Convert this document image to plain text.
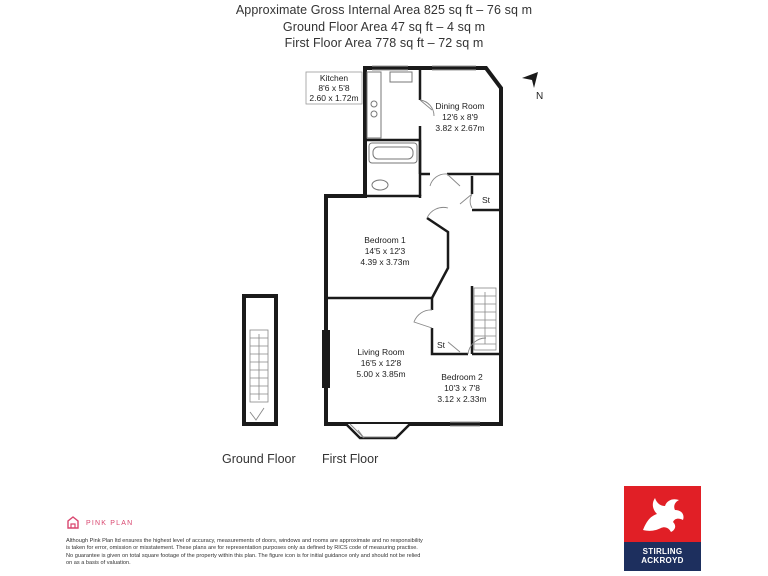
Approximate Gross Internal Area 825 sq ft – 76 sq m
Ground Floor Area 47 sq ft – 4 sq m
First Floor Area 778 sq ft – 72 sq m
Kitchen
8'6 x 5'8
2.60 x 1.72m
Dining Room
12'6 x 8'9
3.82 x 2.67m
St
Bedroom 1
14'5 x 12'3
4.39 x 3.73m
Living Room
16'5 x 12'8
5.00 x 3.85m
St
Bedroom 2
10'3 x 7'8
3.12 x 2.33m
N
Ground Floor First Floor
PINK PLAN
Although Pink Plan ltd ensures the highest level of accuracy, measurements of doors, windows and rooms are approximate and no responsibility is taken for error, omission or misstatement. These plans are for representation purposes only as defined by RICS code of measuring practise. No guarantee is given on total square footage of the property within this plan. The figure icon is for initial guidance only and should not be relied on as a basis of valuation.
STIRLING
ACKROYD
